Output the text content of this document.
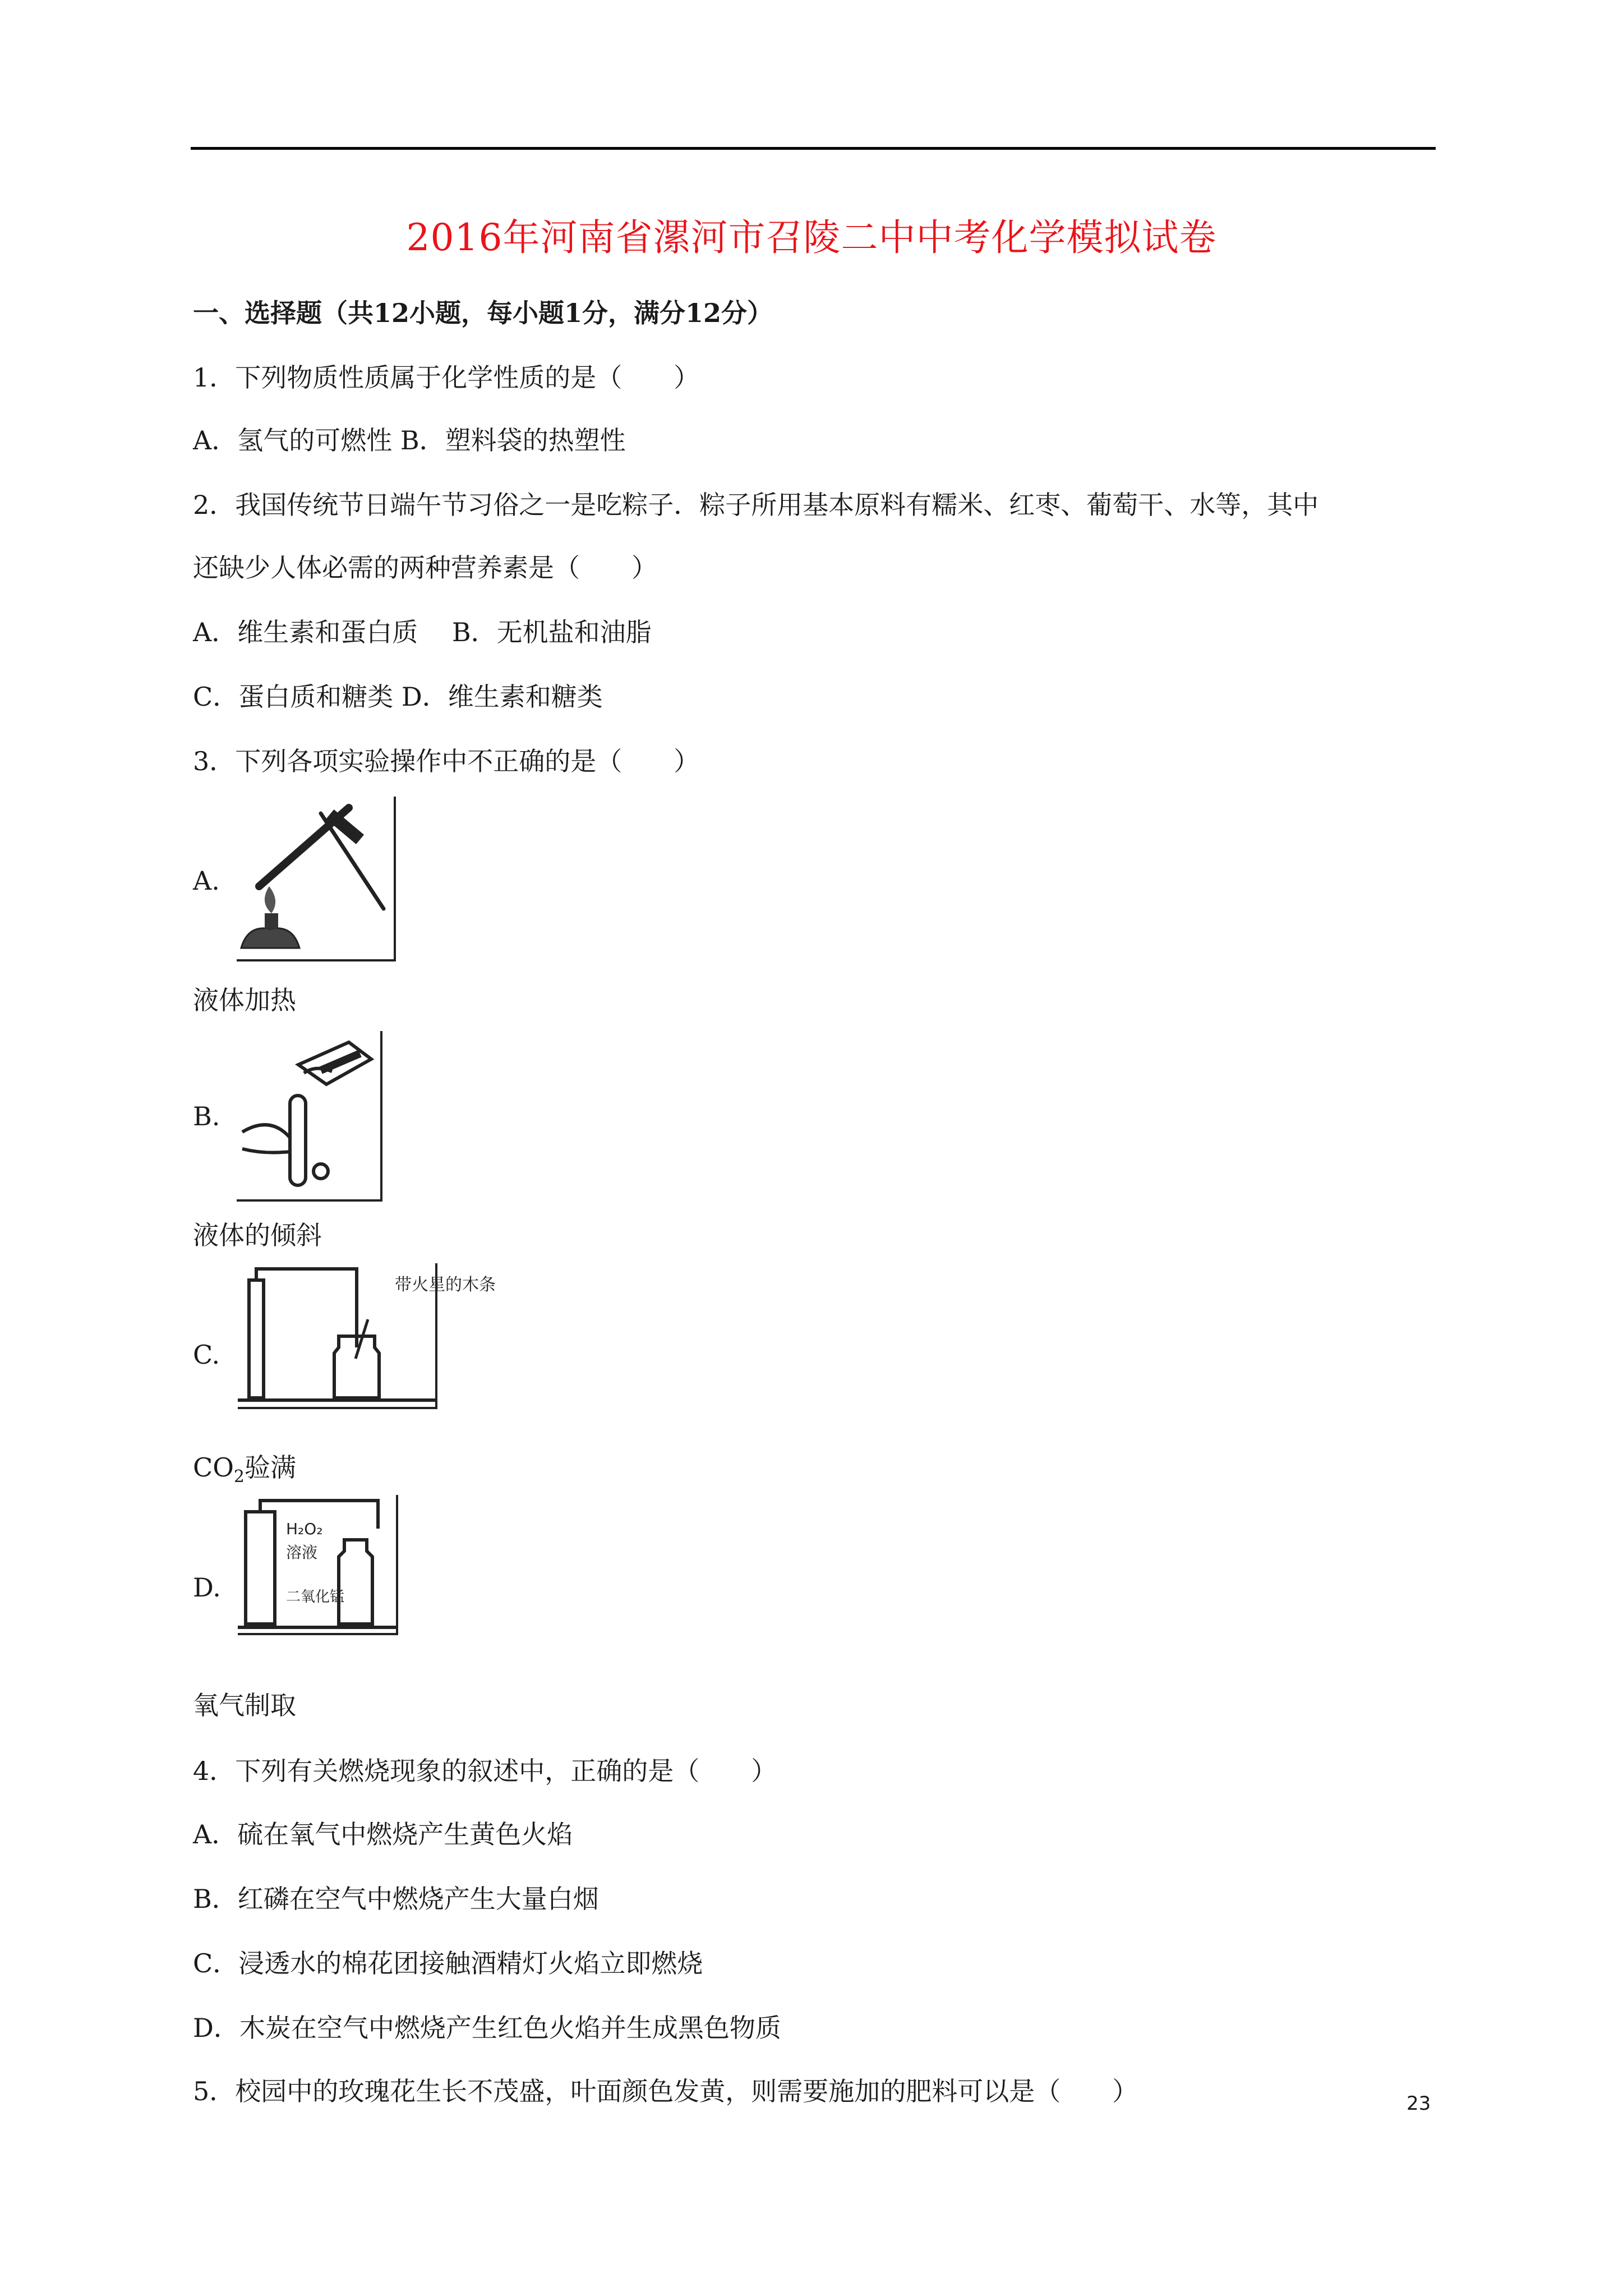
2016年河南省漯河市召陵二中中考化学模拟试卷
一、选择题（共12小题，每小题1分，满分12分）
1．下列物质性质属于化学性质的是（　　）
A．氢气的可燃性 B．塑料袋的热塑性
2．我国传统节日端午节习俗之一是吃粽子．粽子所用基本原料有糯米、红枣、葡萄干、水等，其中
还缺少人体必需的两种营养素是（　　）
A．维生素和蛋白质　 B．无机盐和油脂
C．蛋白质和糖类 D．维生素和糖类
3．下列各项实验操作中不正确的是（　　）
A.
液体加热
B.
液体的倾斜
C.
带火星的木条
$CO_2$验满
D.
H₂O₂
溶液
二氧化锰
氧气制取
4．下列有关燃烧现象的叙述中，正确的是（　　）
A．硫在氧气中燃烧产生黄色火焰
B．红磷在空气中燃烧产生大量白烟
C．浸透水的棉花团接触酒精灯火焰立即燃烧
D．木炭在空气中燃烧产生红色火焰并生成黑色物质
5．校园中的玫瑰花生长不茂盛，叶面颜色发黄，则需要施加的肥料可以是（　　）	23
